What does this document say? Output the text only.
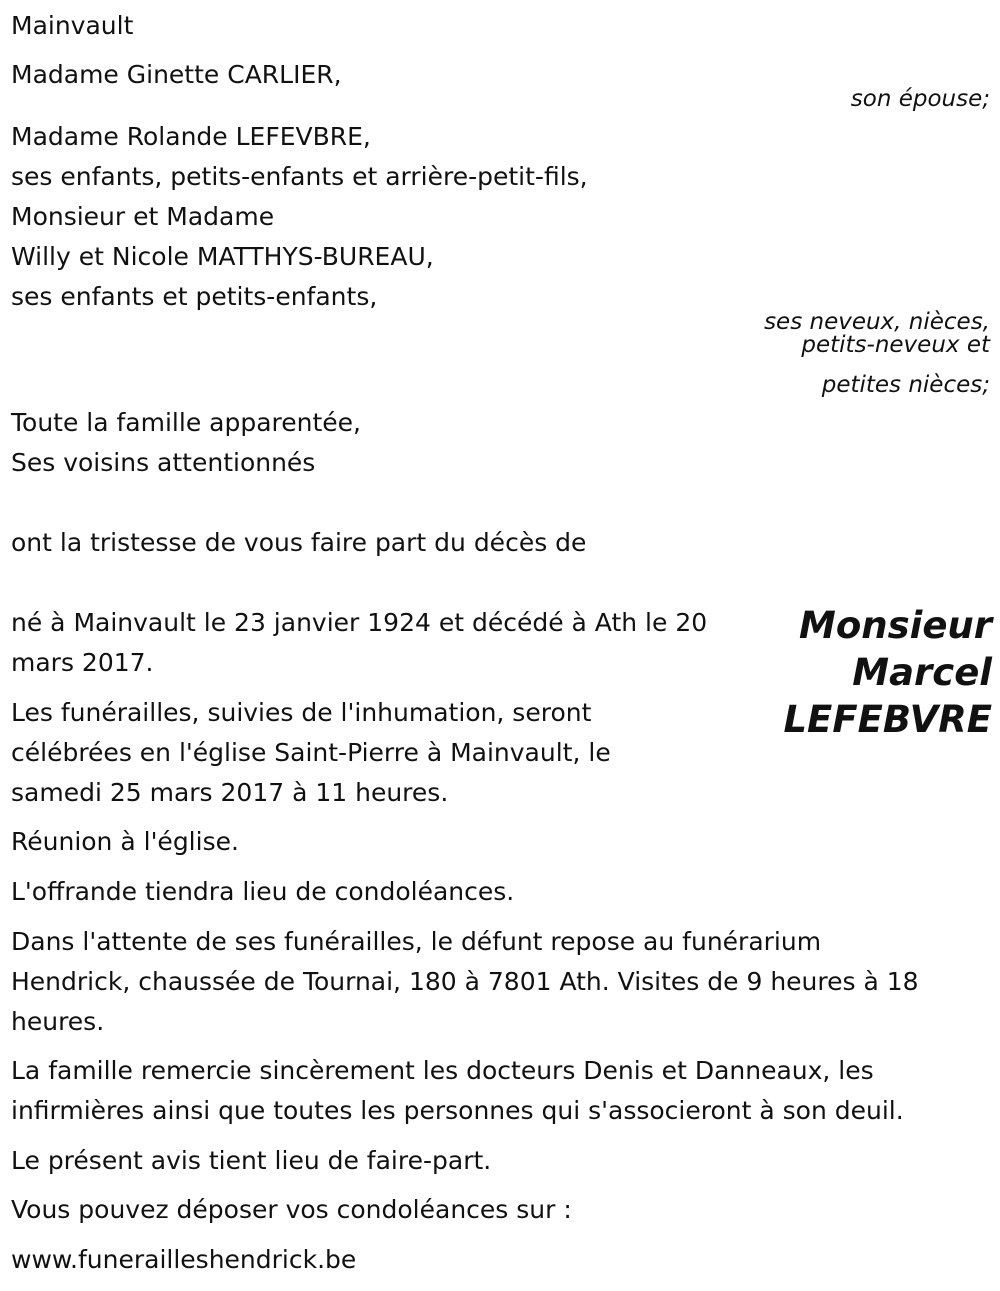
Mainvault
Madame Ginette CARLIER,
son épouse;
Madame Rolande LEFEVBRE,
ses enfants, petits-enfants et arrière-petit-fils,
Monsieur et Madame
Willy et Nicole MATTHYS-BUREAU,
ses enfants et petits-enfants,
ses neveux, nièces,
petits-neveux et
petites nièces;
Toute la famille apparentée,
Ses voisins attentionnés
ont la tristesse de vous faire part du décès de
Monsieur
Marcel
LEFEBVRE
né à Mainvault le 23 janvier 1924 et décédé à Ath le 20
mars 2017.
Les funérailles, suivies de l'inhumation, seront
célébrées en l'église Saint-Pierre à Mainvault, le
samedi 25 mars 2017 à 11 heures.
Réunion à l'église.
L'offrande tiendra lieu de condoléances.
Dans l'attente de ses funérailles, le défunt repose au funérarium
Hendrick, chaussée de Tournai, 180 à 7801 Ath. Visites de 9 heures à 18
heures.
La famille remercie sincèrement les docteurs Denis et Danneaux, les
infirmières ainsi que toutes les personnes qui s'associeront à son deuil.
Le présent avis tient lieu de faire-part.
Vous pouvez déposer vos condoléances sur :
www.funerailleshendrick.be
